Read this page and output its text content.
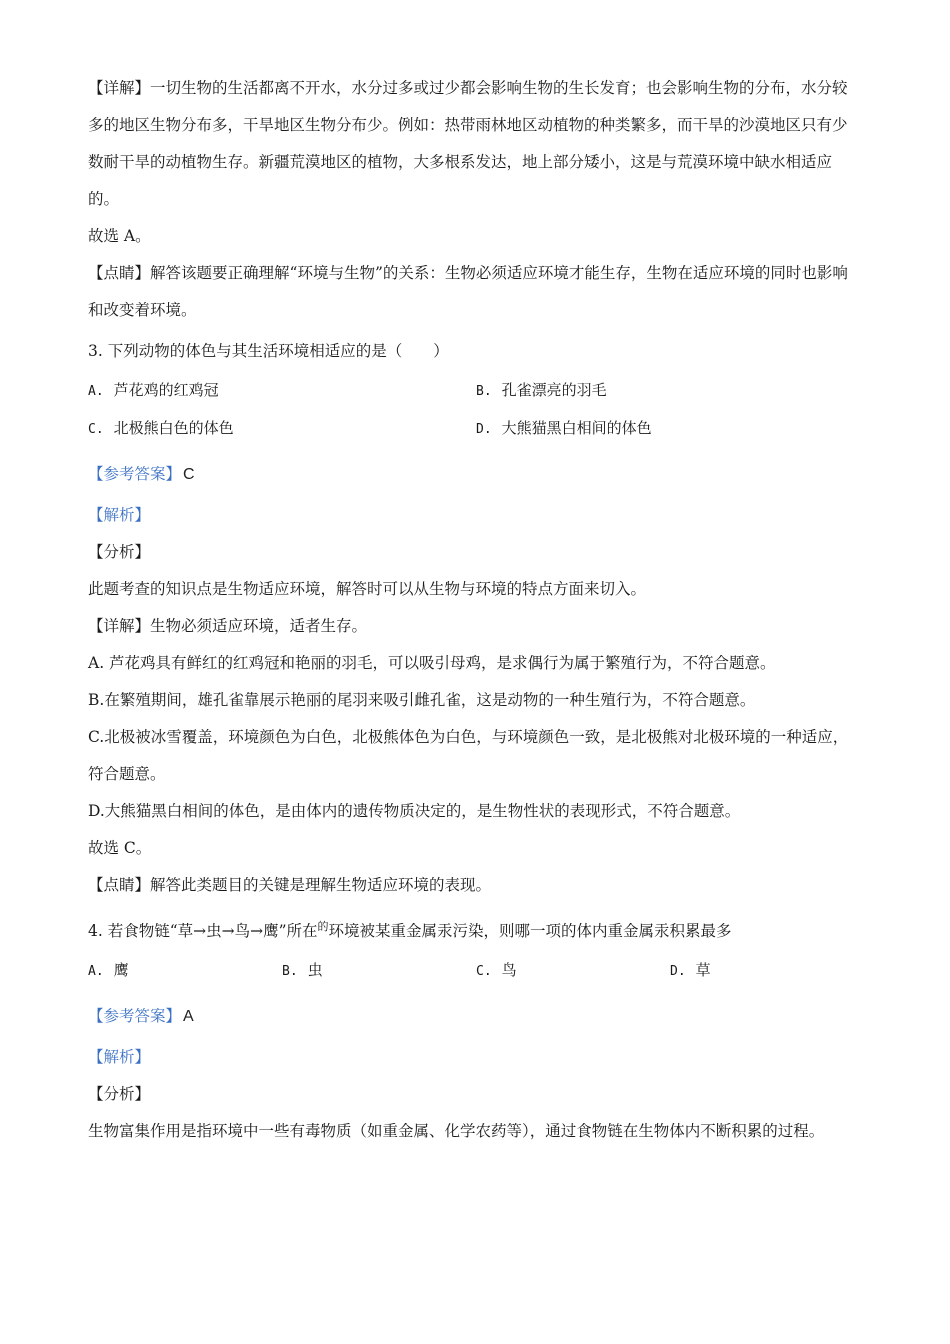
【详解】一切生物的生活都离不开水，水分过多或过少都会影响生物的生长发育；也会影响生物的分布，水分较多的地区生物分布多，干旱地区生物分布少。例如：热带雨林地区动植物的种类繁多，而干旱的沙漠地区只有少数耐干旱的动植物生存。新疆荒漠地区的植物，大多根系发达，地上部分矮小，这是与荒漠环境中缺水相适应的。

故选 A。

【点睛】解答该题要正确理解“环境与生物”的关系：生物必须适应环境才能生存，生物在适应环境的同时也影响和改变着环境。

3. 下列动物的体色与其生活环境相适应的是（　　）

A. 芦花鸡的红鸡冠	B. 孔雀漂亮的羽毛
C. 北极熊白色的体色	D. 大熊猫黑白相间的体色

【参考答案】 C

【解析】

【分析】

此题考查的知识点是生物适应环境，解答时可以从生物与环境的特点方面来切入。

【详解】生物必须适应环境，适者生存。

A. 芦花鸡具有鲜红的红鸡冠和艳丽的羽毛，可以吸引母鸡，是求偶行为属于繁殖行为，不符合题意。

B.在繁殖期间，雄孔雀靠展示艳丽的尾羽来吸引雌孔雀，这是动物的一种生殖行为，不符合题意。

C.北极被冰雪覆盖，环境颜色为白色，北极熊体色为白色，与环境颜色一致，是北极熊对北极环境的一种适应，符合题意。

D.大熊猫黑白相间的体色，是由体内的遗传物质决定的，是生物性状的表现形式，不符合题意。

故选 C。

【点睛】解答此类题目的关键是理解生物适应环境的表现。

4. 若食物链“草→虫→鸟→鹰”所在$^的$环境被某重金属汞污染，则哪一项的体内重金属汞积累最多

A. 鹰	B. 虫	C. 鸟	D. 草

【参考答案】 A

【解析】

【分析】

生物富集作用是指环境中一些有毒物质（如重金属、化学农药等），通过食物链在生物体内不断积累的过程。
